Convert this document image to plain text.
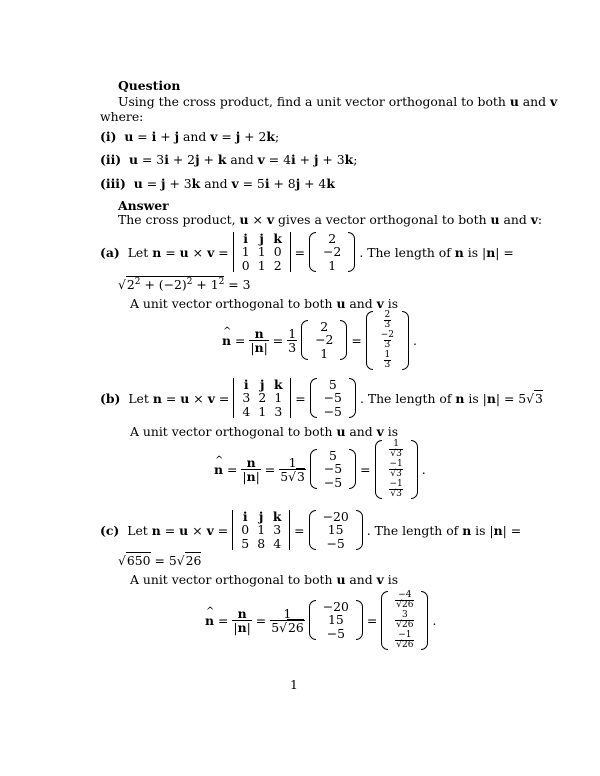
Question
Using the cross product, find a unit vector orthogonal to both u and v
where:
(i) u = i + j and v = j + 2k;
(ii) u = 3i + 2j + k and v = 4i + j + 3k;
(iii) u = j + 3k and v = 5i + 8j + 4k
Answer
The cross product, u × v gives a vector orthogonal to both u and v:
(a) Let n = u × v =
i j k
1 1 0
0 1 2
=
2
−2
1
. The length of n is |n| =
$√2^2 + (-2)^2 + 1^2 = 3$
A unit vector orthogonal to both u and v is
n ^ = $\frac{n}{|n|} = \frac{1}{3}$
2
−2
1
=
2
3
−2
3
1
3
.
(b) Let n = u × v =
i j k
3 2 1
4 1 3
=
5
−5
−5
. The length of n is |n| = 5√3
A unit vector orthogonal to both u and v is
n ^ = $\frac{n}{|n|} = \frac{1}{5√3}$
5
−5
−5
=
1
√3
−1
√3
−1
√3
.
(c) Let n = u × v =
i j k
0 1 3
5 8 4
=
−20
15
−5
. The length of n is |n| =
√650 = 5√26
A unit vector orthogonal to both u and v is
n ^ = $\frac{n}{|n|} = \frac{1}{5√26}$
−20
15
−5
=
−4
√26
3
√26
−1
√26
.
1
